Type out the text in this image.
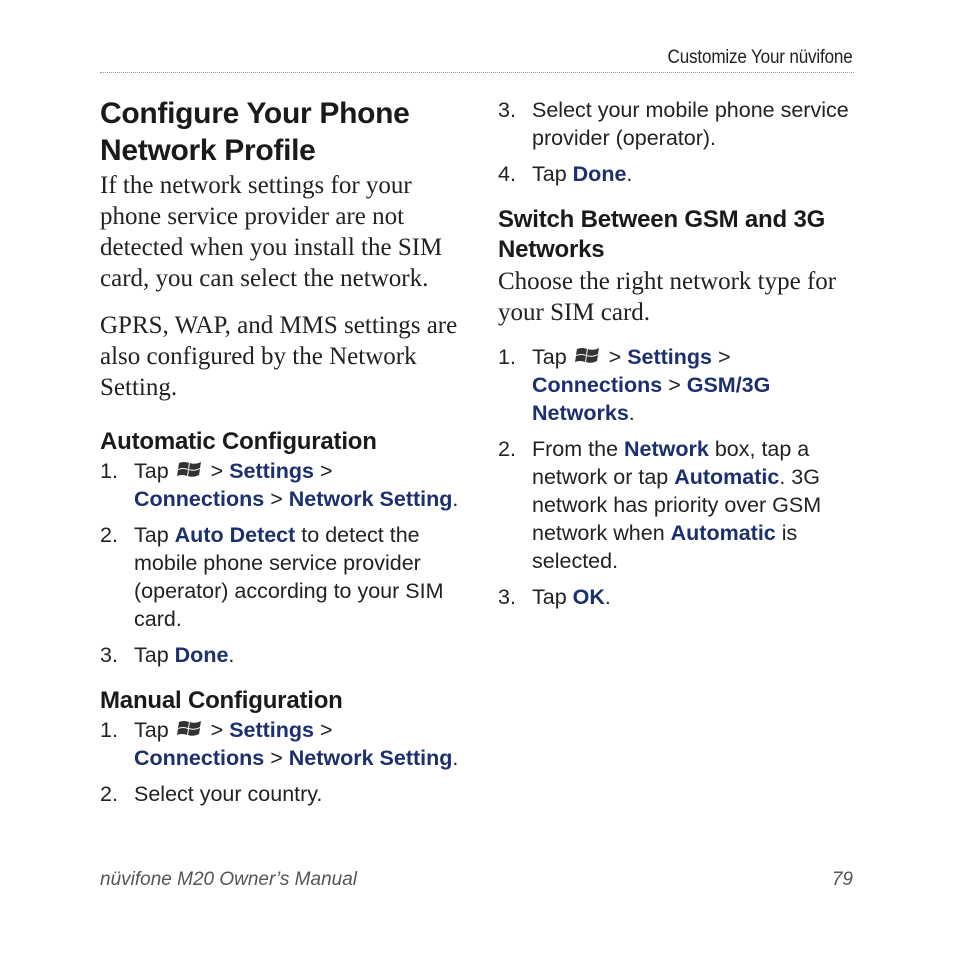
Customize Your nüvifone
Configure Your Phone
Network Profile

If the network settings for your phone service provider are not detected when you install the SIM card, you can select the network.

GPRS, WAP, and MMS settings are also configured by the Network Setting.

Automatic Configuration
1. Tap > Settings >
Connections > Network Setting.
2. Tap Auto Detect to detect the mobile phone service provider (operator) according to your SIM card.
3. Tap Done.
Manual Configuration
1. Tap > Settings >
Connections > Network Setting.
2. Select your country.
3. Select your mobile phone service provider (operator).
4. Tap Done.
Switch Between GSM and 3G Networks

Choose the right network type for your SIM card.

1. Tap > Settings >
Connections > GSM/3G Networks.
2. From the Network box, tap a network or tap Automatic. 3G network has priority over GSM network when Automatic is selected.
3. Tap OK.
nüvifone M20 Owner’s Manual	79
